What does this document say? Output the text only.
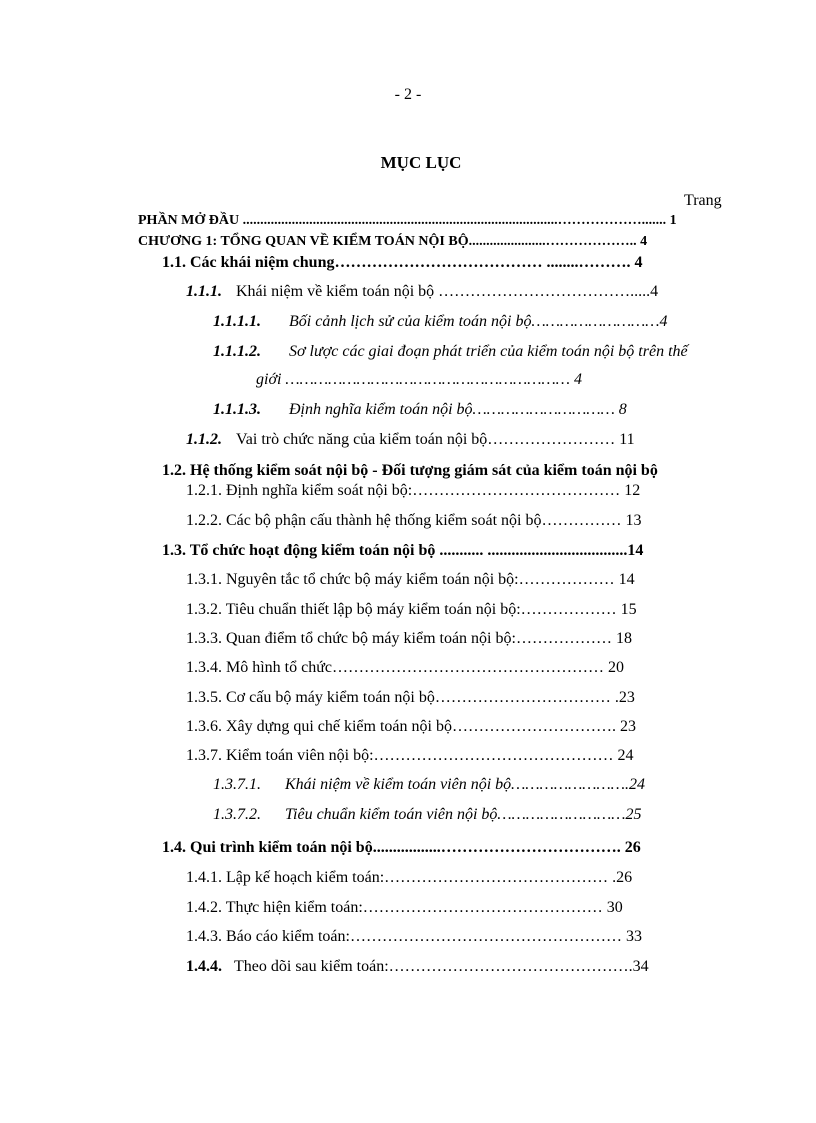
- 2 -
MỤC LỤC
Trang
PHẦN MỞ ĐẦU ..........................................................................................………………....... 1
CHƯƠNG 1: TỔNG QUAN VỀ KIỂM TOÁN NỘI BỘ......................……………….. 4
1.1. Các khái niệm chung………………………………… ........………. 4
1.1.1. Khái niệm về kiểm toán nội bộ ……………………………….....4
1.1.1.1. Bối cảnh lịch sử của kiểm toán nội bộ………………………4
1.1.1.2. Sơ lược các giai đoạn phát triển của kiểm toán nội bộ trên thế
giới …………………………………………………… 4
1.1.1.3. Định nghĩa kiểm toán nội bộ………………………… 8
1.1.2. Vai trò chức năng của kiểm toán nội bộ…………………… 11
1.2. Hệ thống kiểm soát nội bộ - Đối tượng giám sát của kiểm toán nội bộ
1.2.1. Định nghĩa kiểm soát nội bộ:………………………………… 12
1.2.2. Các bộ phận cấu thành hệ thống kiểm soát nội bộ…………… 13
1.3. Tổ chức hoạt động kiểm toán nội bộ ........... ...................................14
1.3.1. Nguyên tắc tổ chức bộ máy kiểm toán nội bộ:……………… 14
1.3.2. Tiêu chuẩn thiết lập bộ máy kiểm toán nội bộ:……………… 15
1.3.3. Quan điểm tổ chức bộ máy kiểm toán nội bộ:……………… 18
1.3.4. Mô hình tổ chức…………………………………………… 20
1.3.5. Cơ cấu bộ máy kiểm toán nội bộ…………………………… .23
1.3.6. Xây dựng qui chế kiểm toán nội bộ…………………………. 23
1.3.7. Kiểm toán viên nội bộ:……………………………………… 24
1.3.7.1. Khái niệm về kiểm toán viên nội bộ…………………….24
1.3.7.2. Tiêu chuẩn kiểm toán viên nội bộ………………………25
1.4. Qui trình kiểm toán nội bộ.................……………………………. 26
1.4.1. Lập kế hoạch kiểm toán:…………………………………… .26
1.4.2. Thực hiện kiểm toán:……………………………………… 30
1.4.3. Báo cáo kiểm toán:…………………………………………… 33
1.4.4. Theo dõi sau kiểm toán:……………………………………….34
